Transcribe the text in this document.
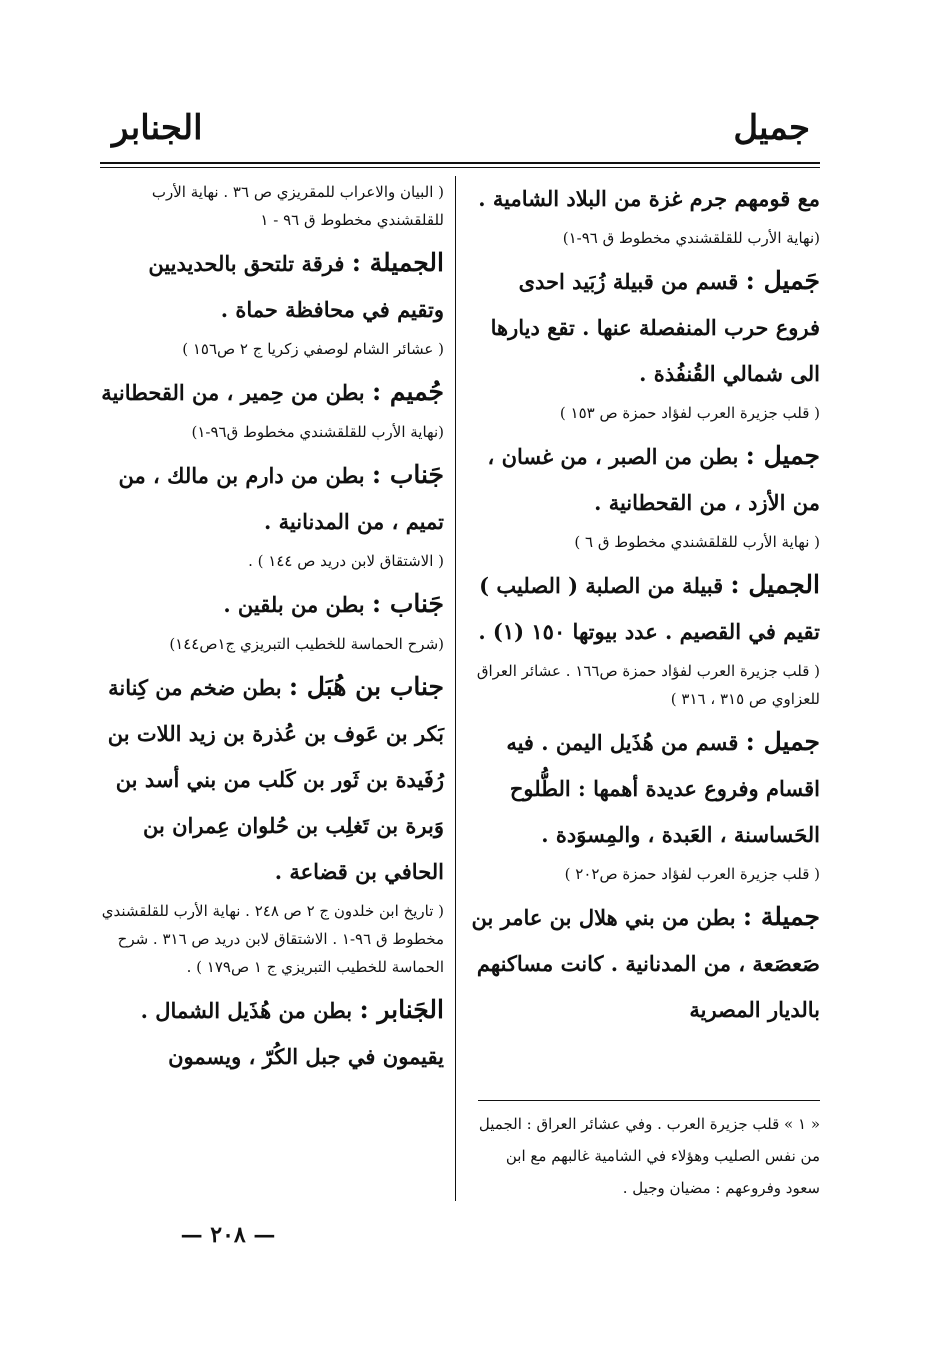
جميل
الجنابر

مع قومهم جرم غزة من البلاد الشامية .

(نهاية الأرب للقلقشندي مخطوط ق ٩٦-١)

جَميل : قسم من قبيلة زُبَيد احدى فروع حرب المنفصلة عنها . تقع ديارها الى شمالي القُنفُذة .

( قلب جزيرة العرب لفؤاد حمزة ص ١٥٣ )

جميل : بطن من الصبر ، من غسان ، من الأزد ، من القحطانية .

( نهاية الأرب للقلقشندي مخطوط ق ٦ )

الجميل : قبيلة من الصلبة ( الصليب ) تقيم في القصيم . عدد بيوتها ١٥٠ (١) .

( قلب جزيرة العرب لفؤاد حمزة ص١٦٦ . عشائر العراق للعزاوي ص ٣١٥ ، ٣١٦ )

جميل : قسم من هُذَيل اليمن . فيه اقسام وفروع عديدة أهمها : الطُّلوح الحَساسنة ، العَبدة ، والمِسوَدة .

( قلب جزيرة العرب لفؤاد حمزة ص٢٠٢ )

جميلة : بطن من بني هلال بن عامر بن صَعصَعة ، من المدنانية . كانت مساكنهم بالديار المصرية

( البيان والاعراب للمقريزي ص ٣٦ . نهاية الأرب للقلقشندي مخطوط ق ٩٦ - ١

الجميلة : فرقة تلتحق بالحديديين وتقيم في محافظة حماة .

( عشائر الشام لوصفي زكريا ج ٢ ص١٥٦ )

جُميم : بطن من حِمير ، من القحطانية

(نهاية الأرب للقلقشندي مخطوط ق٩٦-١)

جَناب : بطن من دارم بن مالك ، من تميم ، من المدنانية .

( الاشتقاق لابن دريد ص ١٤٤ ) .

جَناب : بطن من بلقين .

(شرح الحماسة للخطيب التبريزي ج١ص١٤٤)

جناب بن هُبَل : بطن ضخم من كِنانة بَكر بن عَوف بن عُذرة بن زيد اللات بن رُفَيدة بن ثَور بن كَلب من بني أسد بن وَبرة بن تَغلِب بن حُلوان عِمران بن الحافي بن قضاعة .

( تاريخ ابن خلدون ج ٢ ص ٢٤٨ . نهاية الأرب للقلقشندي مخطوط ق ٩٦-١ . الاشتقاق لابن دريد ص ٣١٦ . شرح الحماسة للخطيب التبريزي ج ١ ص١٧٩ ) .

الجَنابر : بطن من هُذَيل الشمال . يقيمون في جبل الكُرّ ، ويسمون

« ١ » قلب جزيرة العرب . وفي عشائر العراق : الجميل من نفس الصليب وهؤلاء في الشامية غالبهم مع ابن سعود وفروعهم : مضيان وجيل .
— ٢٠٨ —
